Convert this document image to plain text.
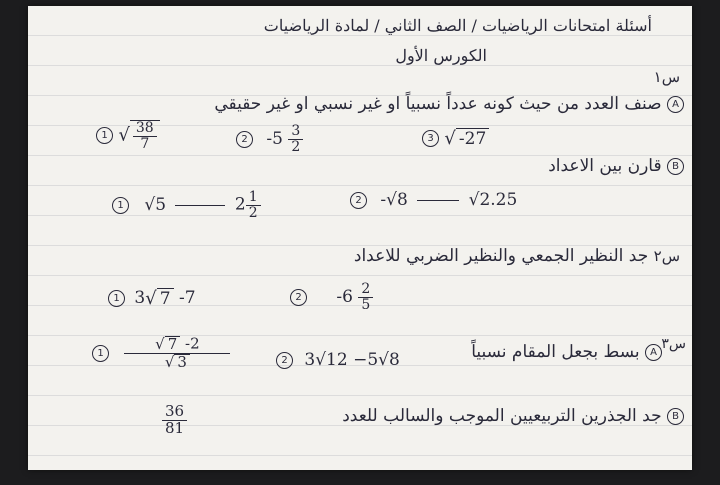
أسئلة امتحانات الرياضيات / الصف الثاني / لمادة الرياضيات
الكورس الأول
س١
A صنف العدد من حيث كونه عدداً نسبياً او غير نسبي او غير حقيقي
1 √ $\frac{38}{7}$	2 $-5 \frac{3}{2}$	3 √ -27
B قارن بين الاعداد
1 √5	$2 \frac{1}{2}$	2 -√8	√2.25
س٢ جد النظير الجمعي والنظير الضربي للاعداد
1 3√ 7 -7	2 $-6 \frac{2}{5}$
س٣
A بسط بجعل المقام نسبياً
$1 \frac{√ 7 -2}{√ 3}$	2 3√12 −5√8
B جد الجذرين التربيعيين الموجب والسالب للعدد
$\frac{36}{81}$
